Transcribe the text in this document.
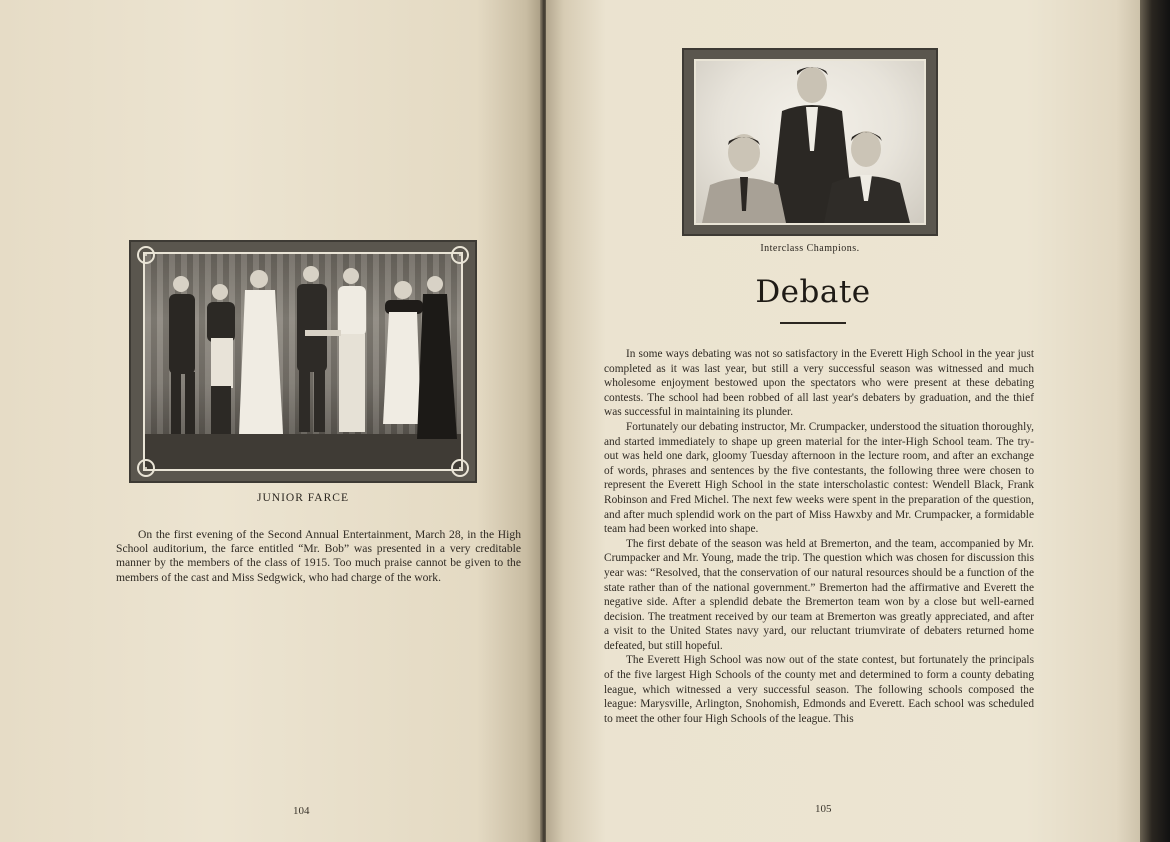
JUNIOR FARCE

On the first evening of the Second Annual Entertainment, March 28, in the High School auditorium, the farce entitled “Mr. Bob” was presented in a very creditable manner by the members of the class of 1915. Too much praise cannot be given to the members of the cast and Miss Sedgwick, who had charge of the work.

104
Interclass Champions.
Debate

In some ways debating was not so satisfactory in the Everett High School in the year just completed as it was last year, but still a very successful season was witnessed and much wholesome enjoyment bestowed upon the spectators who were present at these debating contests. The school had been robbed of all last year's debaters by graduation, and the thief was successful in maintaining its plunder.

Fortunately our debating instructor, Mr. Crumpacker, understood the situation thoroughly, and started immediately to shape up green material for the inter-High School team. The try-out was held one dark, gloomy Tuesday afternoon in the lecture room, and after an exchange of words, phrases and sentences by the five contestants, the following three were chosen to represent the Everett High School in the state interscholastic contest: Wendell Black, Frank Robinson and Fred Michel. The next few weeks were spent in the preparation of the question, and after much splendid work on the part of Miss Hawxby and Mr. Crumpacker, a formidable team had been worked into shape.

The first debate of the season was held at Bremerton, and the team, accompanied by Mr. Crumpacker and Mr. Young, made the trip. The question which was chosen for discussion this year was: “Resolved, that the conservation of our natural resources should be a function of the state rather than of the national government.” Bremerton had the affirmative and Everett the negative side. After a splendid debate the Bremerton team won by a close but well-earned decision. The treatment received by our team at Bremerton was greatly appreciated, and after a visit to the United States navy yard, our reluctant triumvirate of debaters returned home defeated, but still hopeful.

The Everett High School was now out of the state contest, but fortunately the principals of the five largest High Schools of the county met and determined to form a county debating league, which witnessed a very successful season. The following schools composed the league: Marysville, Arlington, Snohomish, Edmonds and Everett. Each school was scheduled to meet the other four High Schools of the league. This

105
